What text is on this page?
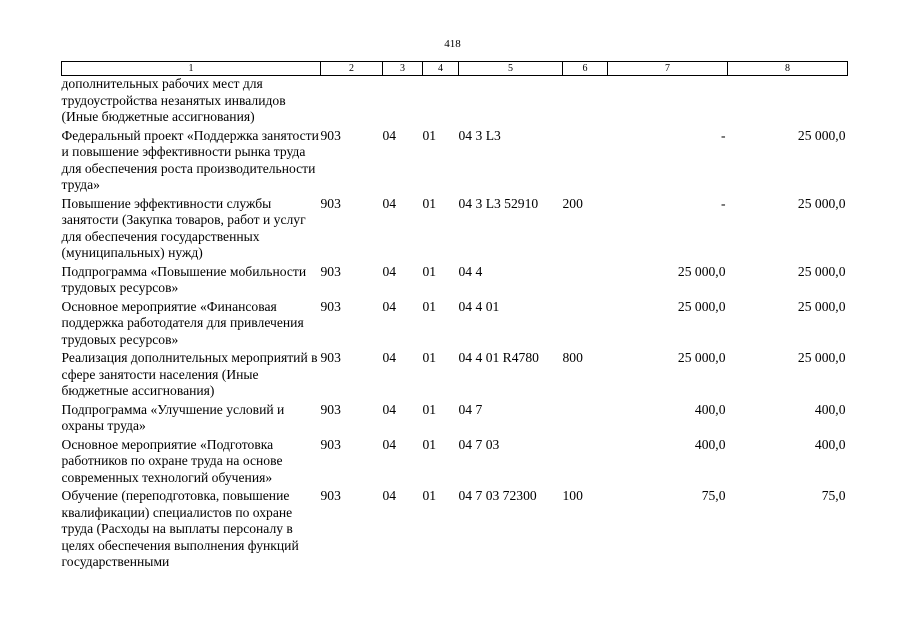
418
1	2	3	4	5	6	7	8
дополнительных рабочих мест для трудоустройства незанятых инвалидов (Иные бюджетные ассигнования)							
Федеральный проект «Поддержка занятости и повышение эффективности рынка труда для обеспечения роста производительности труда»	903	04	01	04 3 L3		-	25 000,0
Повышение эффективности службы занятости (Закупка товаров, работ и услуг для обеспечения государственных (муниципальных) нужд)	903	04	01	04 3 L3 52910	200	-	25 000,0
Подпрограмма «Повышение мобильности трудовых ресурсов»	903	04	01	04 4		25 000,0	25 000,0
Основное мероприятие «Финансовая поддержка работодателя для привлечения трудовых ресурсов»	903	04	01	04 4 01		25 000,0	25 000,0
Реализация дополнительных мероприятий в сфере занятости населения (Иные бюджетные ассигнования)	903	04	01	04 4 01 R4780	800	25 000,0	25 000,0
Подпрограмма «Улучшение условий и охраны труда»	903	04	01	04 7		400,0	400,0
Основное мероприятие «Подготовка работников по охране труда на основе современных технологий обучения»	903	04	01	04 7 03		400,0	400,0
Обучение (переподготовка, повышение квалификации) специалистов по охране труда (Расходы на выплаты персоналу в целях обеспечения выполнения функций государственными	903	04	01	04 7 03 72300	100	75,0	75,0
